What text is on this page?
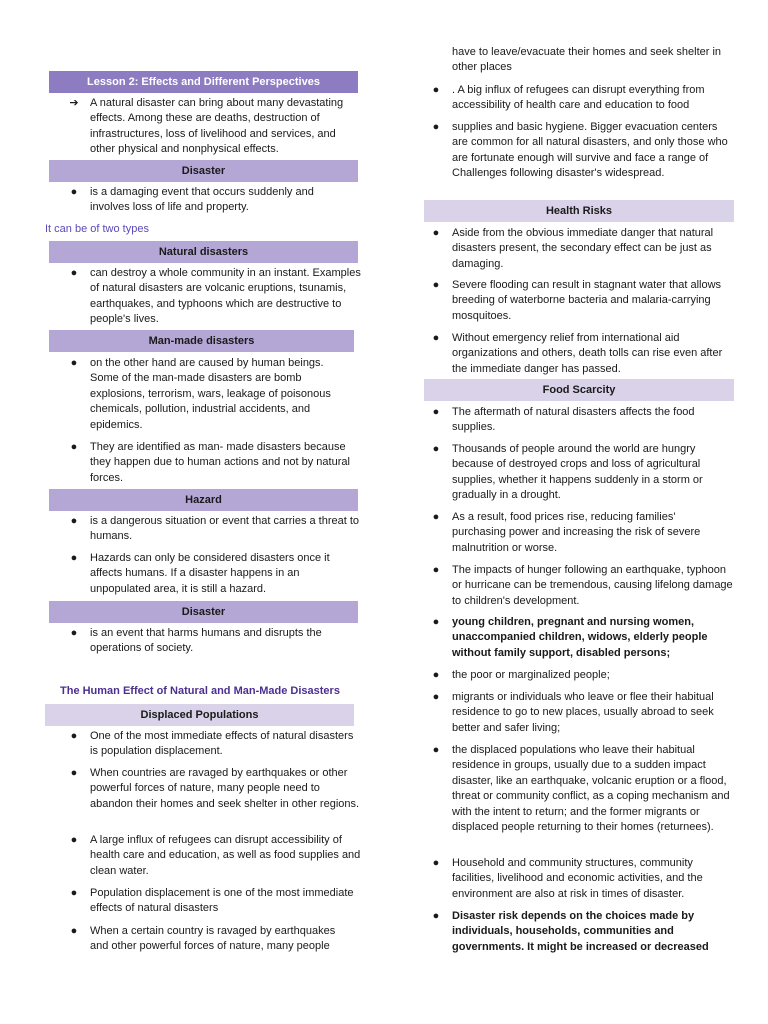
Lesson 2: Effects and Different Perspectives
➔ A natural disaster can bring about many devastating effects. Among these are deaths, destruction of infrastructures, loss of livelihood and services, and other physical and nonphysical effects.
Disaster
●	is a damaging event that occurs suddenly and involves loss of life and property.
It can be of two types
Natural disasters
●	can destroy a whole community in an instant. Examples of natural disasters are volcanic eruptions, tsunamis, earthquakes, and typhoons which are destructive to people's lives.
Man-made disasters
●	on the other hand are caused by human beings. Some of the man-made disasters are bomb explosions, terrorism, wars, leakage of poisonous chemicals, pollution, industrial accidents, and epidemics.
●	They are identified as man- made disasters because they happen due to human actions and not by natural forces.
Hazard
●	is a dangerous situation or event that carries a threat to humans.
●	Hazards can only be considered disasters once it affects humans. If a disaster happens in an unpopulated area, it is still a hazard.
Disaster
●	is an event that harms humans and disrupts the operations of society.
The Human Effect of Natural and Man-Made Disasters
Displaced Populations
●	One of the most immediate effects of natural disasters is population displacement.
●	When countries are ravaged by earthquakes or other powerful forces of nature, many people need to abandon their homes and seek shelter in other regions.
●	A large influx of refugees can disrupt accessibility of health care and education, as well as food supplies and clean water.
●	Population displacement is one of the most immediate effects of natural disasters
●	When a certain country is ravaged by earthquakes and other powerful forces of nature, many people
have to leave/evacuate their homes and seek shelter in other places
●	. A big influx of refugees can disrupt everything from accessibility of health care and education to food
●	supplies and basic hygiene. Bigger evacuation centers are common for all natural disasters, and only those who are fortunate enough will survive and face a range of Challenges following disaster's widespread.
Health Risks
●	Aside from the obvious immediate danger that natural disasters present, the secondary effect can be just as damaging.
●	Severe flooding can result in stagnant water that allows breeding of waterborne bacteria and malaria-carrying mosquitoes.
●	Without emergency relief from international aid organizations and others, death tolls can rise even after the immediate danger has passed.
Food Scarcity
●	The aftermath of natural disasters affects the food supplies.
●	Thousands of people around the world are hungry because of destroyed crops and loss of agricultural supplies, whether it happens suddenly in a storm or gradually in a drought.
●	As a result, food prices rise, reducing families' purchasing power and increasing the risk of severe malnutrition or worse.
●	The impacts of hunger following an earthquake, typhoon or hurricane can be tremendous, causing lifelong damage to children's development.
●	young children, pregnant and nursing women, unaccompanied children, widows, elderly people without family support, disabled persons;
●	the poor or marginalized people;
●	migrants or individuals who leave or flee their habitual residence to go to new places, usually abroad to seek better and safer living;
●	the displaced populations who leave their habitual residence in groups, usually due to a sudden impact disaster, like an earthquake, volcanic eruption or a flood, threat or community conflict, as a coping mechanism and with the intent to return; and the former migrants or displaced people returning to their homes (returnees).
●	Household and community structures, community facilities, livelihood and economic activities, and the environment are also at risk in times of disaster.
●	Disaster risk depends on the choices made by individuals, households, communities and governments. It might be increased or decreased
